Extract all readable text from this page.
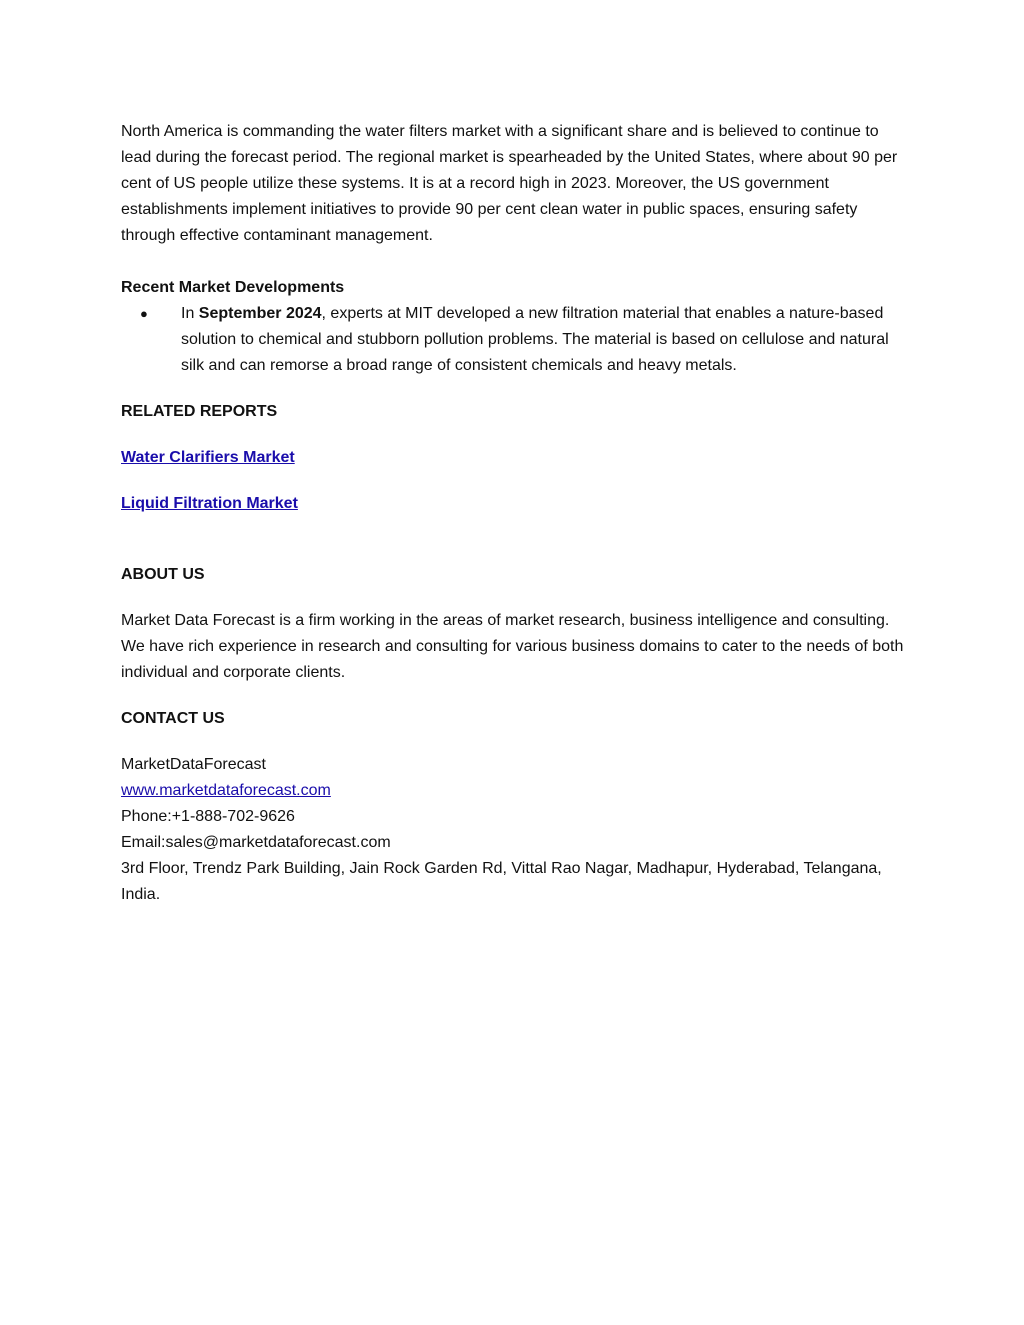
North America is commanding the water filters market with a significant share and is believed to continue to lead during the forecast period. The regional market is spearheaded by the United States, where about 90 per cent of US people utilize these systems. It is at a record high in 2023. Moreover, the US government establishments implement initiatives to provide 90 per cent clean water in public spaces, ensuring safety through effective contaminant management.

Recent Market Developments

● In September 2024, experts at MIT developed a new filtration material that enables a nature-based solution to chemical and stubborn pollution problems. The material is based on cellulose and natural silk and can remorse a broad range of consistent chemicals and heavy metals.

RELATED REPORTS

Water Clarifiers Market
Liquid Filtration Market

ABOUT US

Market Data Forecast is a firm working in the areas of market research, business intelligence and consulting. We have rich experience in research and consulting for various business domains to cater to the needs of both individual and corporate clients.

CONTACT US

MarketDataForecast
www.marketdataforecast.com
Phone:+1-888-702-9626
Email:sales@marketdataforecast.com
3rd Floor, Trendz Park Building, Jain Rock Garden Rd, Vittal Rao Nagar, Madhapur, Hyderabad, Telangana, India.
